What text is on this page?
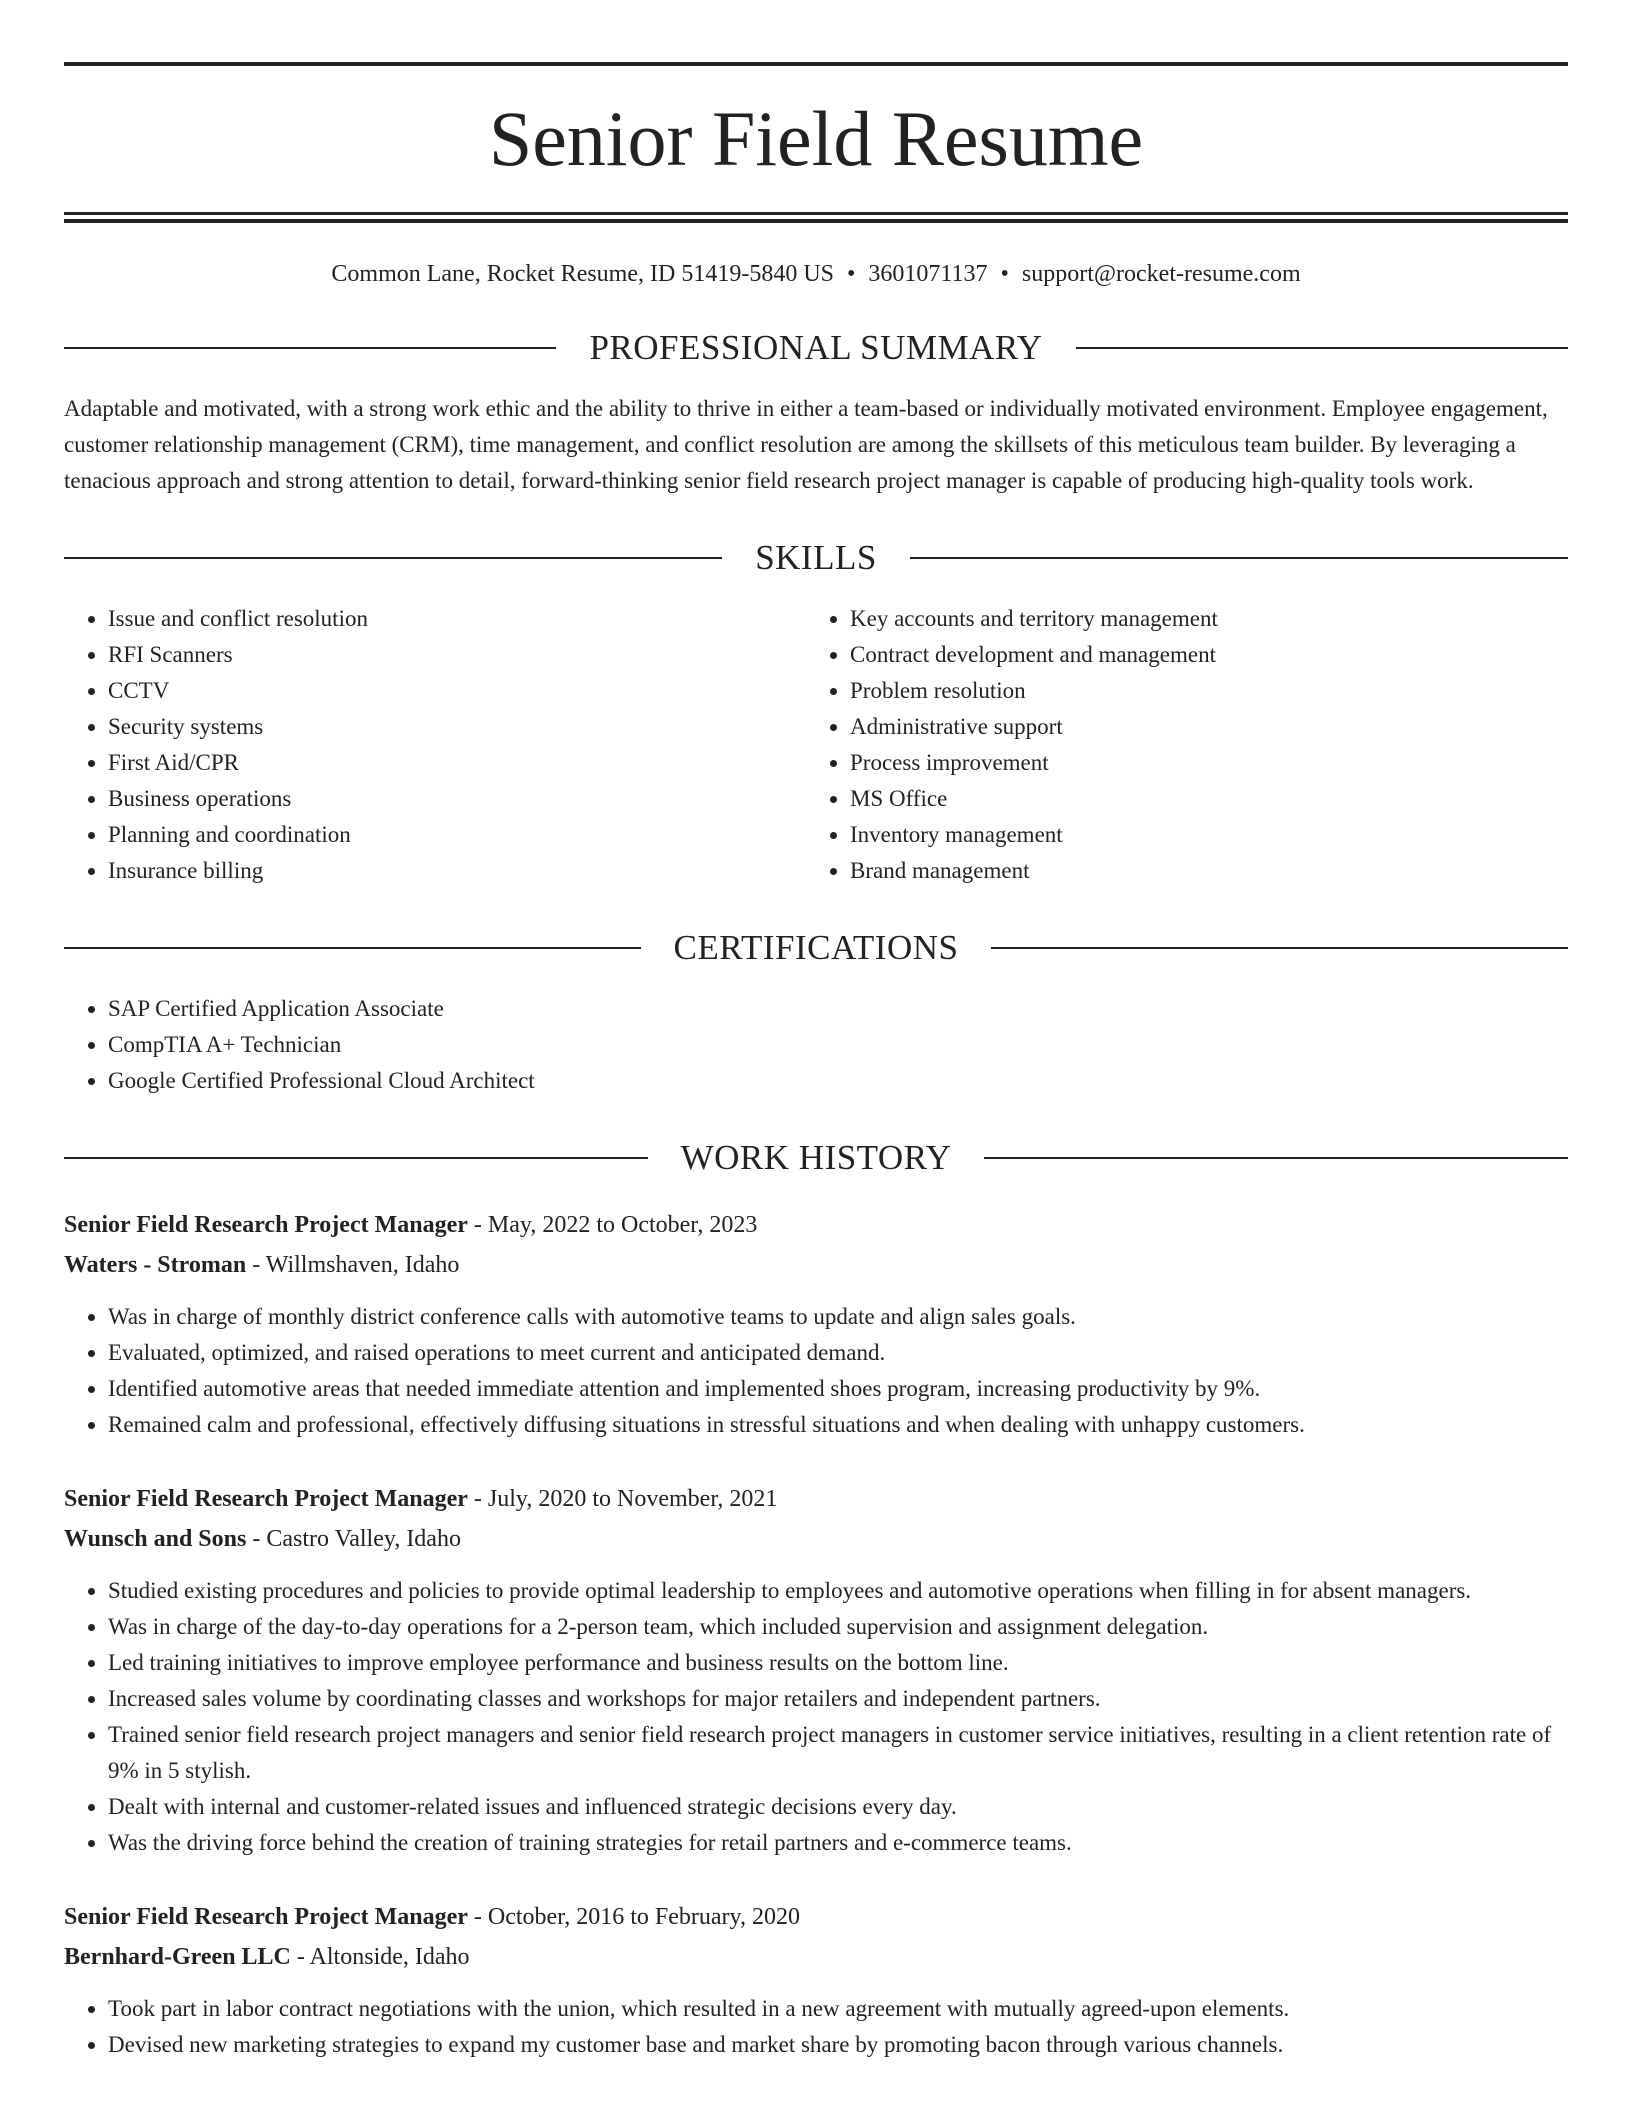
Senior Field Resume
Common Lane, Rocket Resume, ID 51419-5840 US • 3601071137 • support@rocket-resume.com
PROFESSIONAL SUMMARY
Adaptable and motivated, with a strong work ethic and the ability to thrive in either a team-based or individually motivated environment. Employee engagement, customer relationship management (CRM), time management, and conflict resolution are among the skillsets of this meticulous team builder. By leveraging a tenacious approach and strong attention to detail, forward-thinking senior field research project manager is capable of producing high-quality tools work.
SKILLS
• Issue and conflict resolution
• RFI Scanners
• CCTV
• Security systems
• First Aid/CPR
• Business operations
• Planning and coordination
• Insurance billing
• Key accounts and territory management
• Contract development and management
• Problem resolution
• Administrative support
• Process improvement
• MS Office
• Inventory management
• Brand management
CERTIFICATIONS
• SAP Certified Application Associate
• CompTIA A+ Technician
• Google Certified Professional Cloud Architect
WORK HISTORY
Senior Field Research Project Manager - May, 2022 to October, 2023
Waters - Stroman - Willmshaven, Idaho
• Was in charge of monthly district conference calls with automotive teams to update and align sales goals.
• Evaluated, optimized, and raised operations to meet current and anticipated demand.
• Identified automotive areas that needed immediate attention and implemented shoes program, increasing productivity by 9%.
• Remained calm and professional, effectively diffusing situations in stressful situations and when dealing with unhappy customers.
Senior Field Research Project Manager - July, 2020 to November, 2021
Wunsch and Sons - Castro Valley, Idaho
• Studied existing procedures and policies to provide optimal leadership to employees and automotive operations when filling in for absent managers.
• Was in charge of the day-to-day operations for a 2-person team, which included supervision and assignment delegation.
• Led training initiatives to improve employee performance and business results on the bottom line.
• Increased sales volume by coordinating classes and workshops for major retailers and independent partners.
• Trained senior field research project managers and senior field research project managers in customer service initiatives, resulting in a client retention rate of 9% in 5 stylish.
• Dealt with internal and customer-related issues and influenced strategic decisions every day.
• Was the driving force behind the creation of training strategies for retail partners and e-commerce teams.
Senior Field Research Project Manager - October, 2016 to February, 2020
Bernhard-Green LLC - Altonside, Idaho
• Took part in labor contract negotiations with the union, which resulted in a new agreement with mutually agreed-upon elements.
• Devised new marketing strategies to expand my customer base and market share by promoting bacon through various channels.
